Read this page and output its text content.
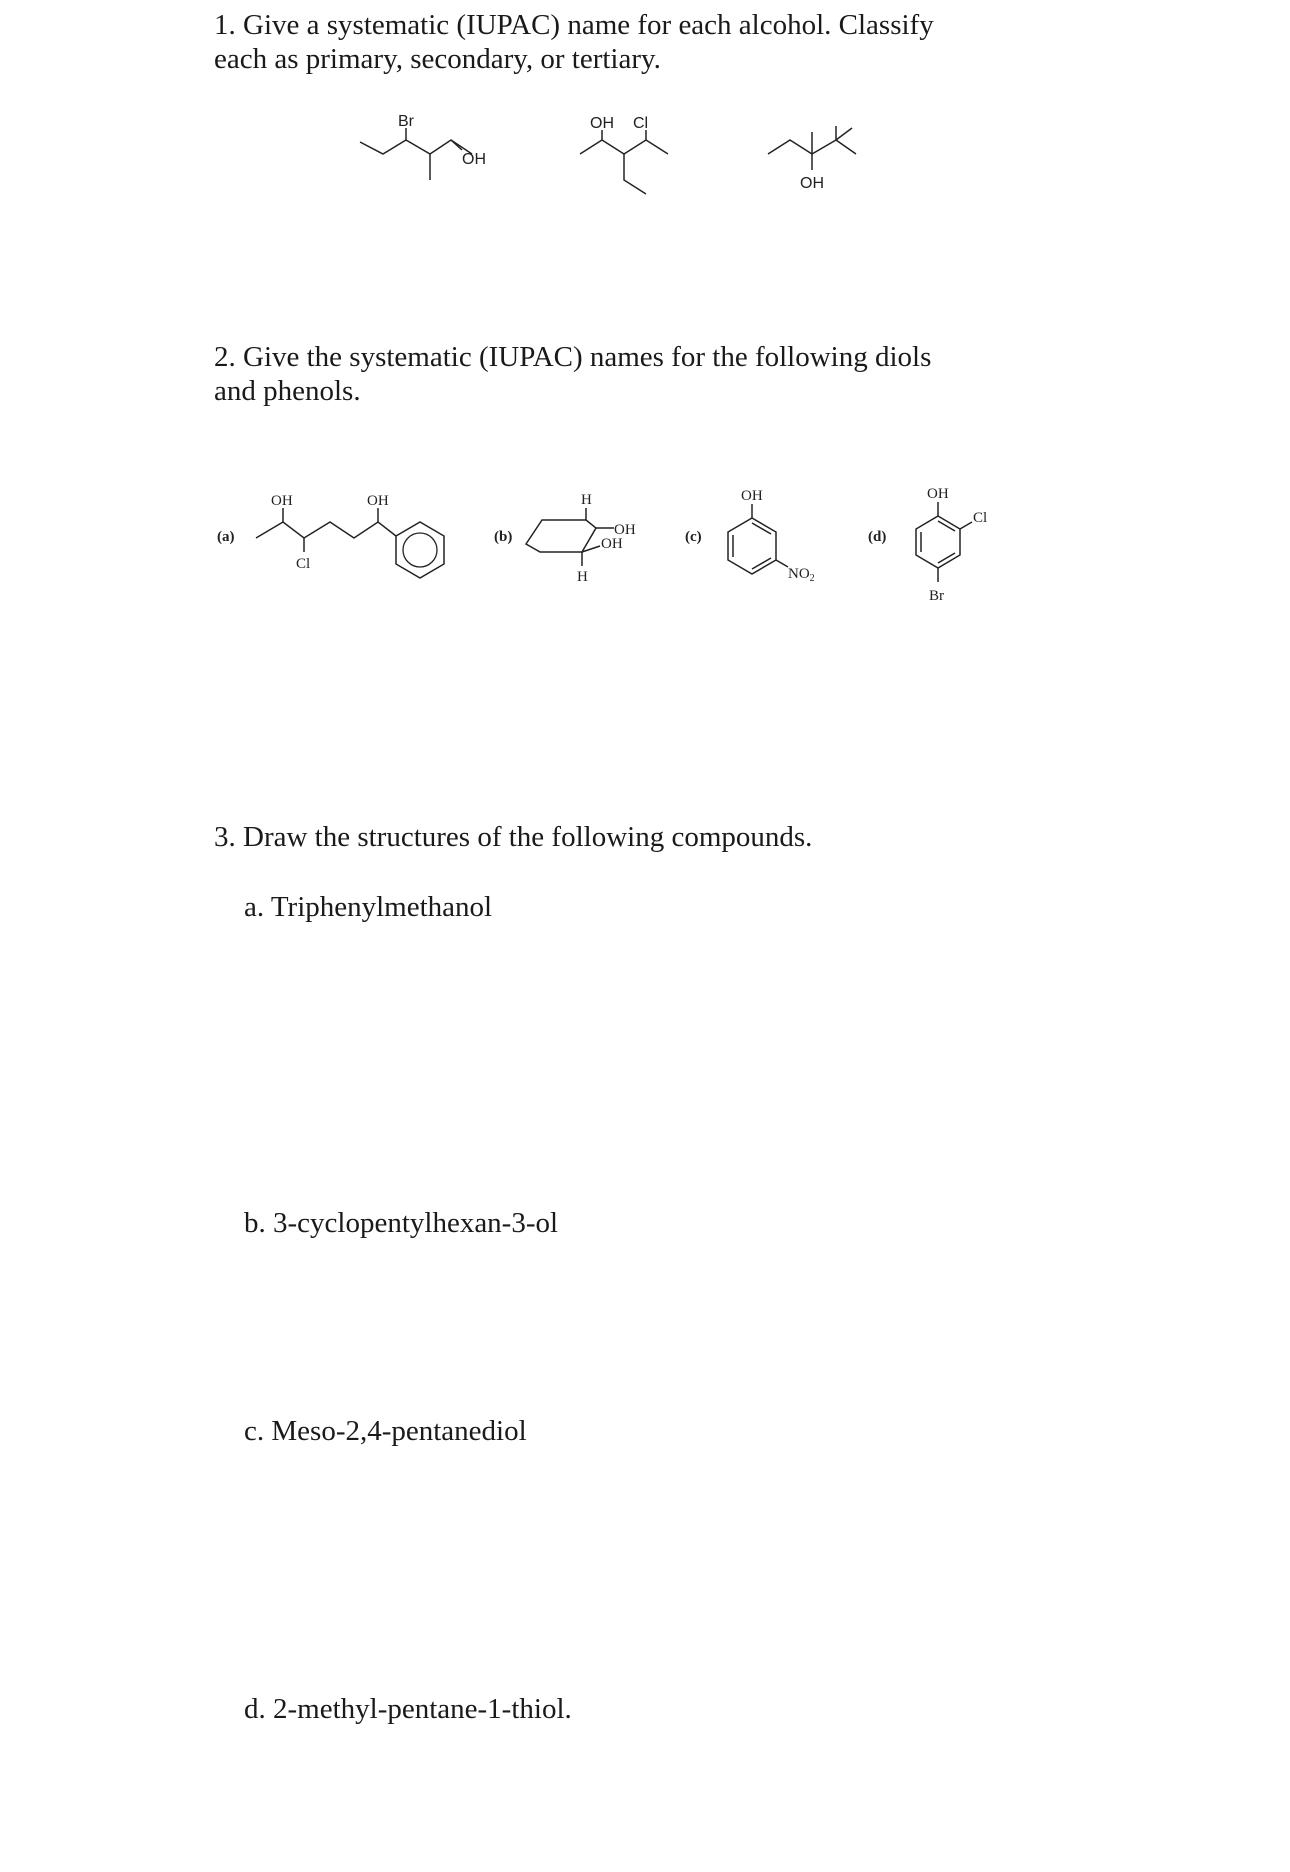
1. Give a systematic (IUPAC) name for each alcohol. Classify
each as primary, secondary, or tertiary.
Br
OH
OH Cl
OH
2. Give the systematic (IUPAC) names for the following diols
and phenols.
(a)
OH	OH
Cl
(b)
H
OH
OH
H
(c)
OH
$NO_2$
(d)
OH
Cl
Br
3. Draw the structures of the following compounds.
a. Triphenylmethanol
b. 3-cyclopentylhexan-3-ol
c. Meso-2,4-pentanediol
d. 2-methyl-pentane-1-thiol.
